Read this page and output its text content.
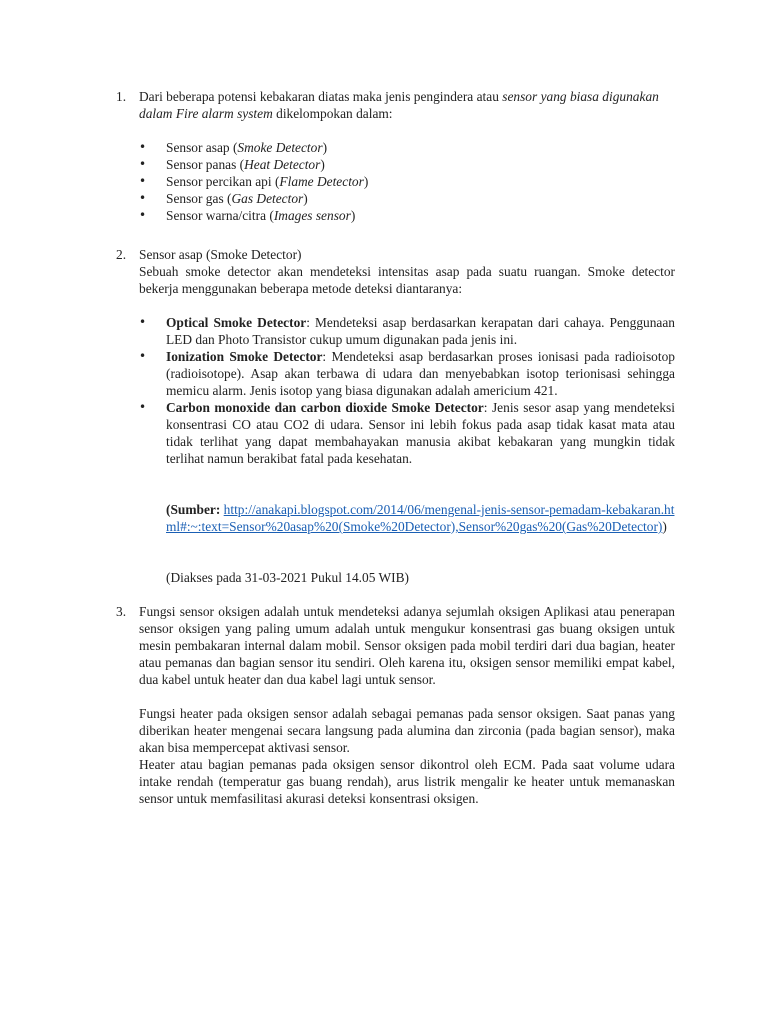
1. Dari beberapa potensi kebakaran diatas maka jenis pengindera atau sensor yang biasa digunakan dalam Fire alarm system dikelompokan dalam:
• Sensor asap (Smoke Detector)
• Sensor panas (Heat Detector)
• Sensor percikan api (Flame Detector)
• Sensor gas (Gas Detector)
• Sensor warna/citra (Images sensor)
2. Sensor asap (Smoke Detector)
Sebuah smoke detector akan mendeteksi intensitas asap pada suatu ruangan. Smoke detector bekerja menggunakan beberapa metode deteksi diantaranya:
• Optical Smoke Detector: Mendeteksi asap berdasarkan kerapatan dari cahaya. Penggunaan LED dan Photo Transistor cukup umum digunakan pada jenis ini.
• Ionization Smoke Detector: Mendeteksi asap berdasarkan proses ionisasi pada radioisotop (radioisotope). Asap akan terbawa di udara dan menyebabkan isotop terionisasi sehingga memicu alarm. Jenis isotop yang biasa digunakan adalah americium 421.
• Carbon monoxide dan carbon dioxide Smoke Detector: Jenis sesor asap yang mendeteksi konsentrasi CO atau CO2 di udara. Sensor ini lebih fokus pada asap tidak kasat mata atau tidak terlihat yang dapat membahayakan manusia akibat kebakaran yang mungkin tidak terlihat namun berakibat fatal pada kesehatan.
(Sumber: http://anakapi.blogspot.com/2014/06/mengenal-jenis-sensor-pemadam-kebakaran.html#:~:text=Sensor%20asap%20(Smoke%20Detector),Sensor%20gas%20(Gas%20Detector))
(Diakses pada 31-03-2021 Pukul 14.05 WIB)
3. Fungsi sensor oksigen adalah untuk mendeteksi adanya sejumlah oksigen Aplikasi atau penerapan sensor oksigen yang paling umum adalah untuk mengukur konsentrasi gas buang oksigen untuk mesin pembakaran internal dalam mobil. Sensor oksigen pada mobil terdiri dari dua bagian, heater atau pemanas dan bagian sensor itu sendiri. Oleh karena itu, oksigen sensor memiliki empat kabel, dua kabel untuk heater dan dua kabel lagi untuk sensor.
Fungsi heater pada oksigen sensor adalah sebagai pemanas pada sensor oksigen. Saat panas yang diberikan heater mengenai secara langsung pada alumina dan zirconia (pada bagian sensor), maka akan bisa mempercepat aktivasi sensor.
Heater atau bagian pemanas pada oksigen sensor dikontrol oleh ECM. Pada saat volume udara intake rendah (temperatur gas buang rendah), arus listrik mengalir ke heater untuk memanaskan sensor untuk memfasilitasi akurasi deteksi konsentrasi oksigen.
